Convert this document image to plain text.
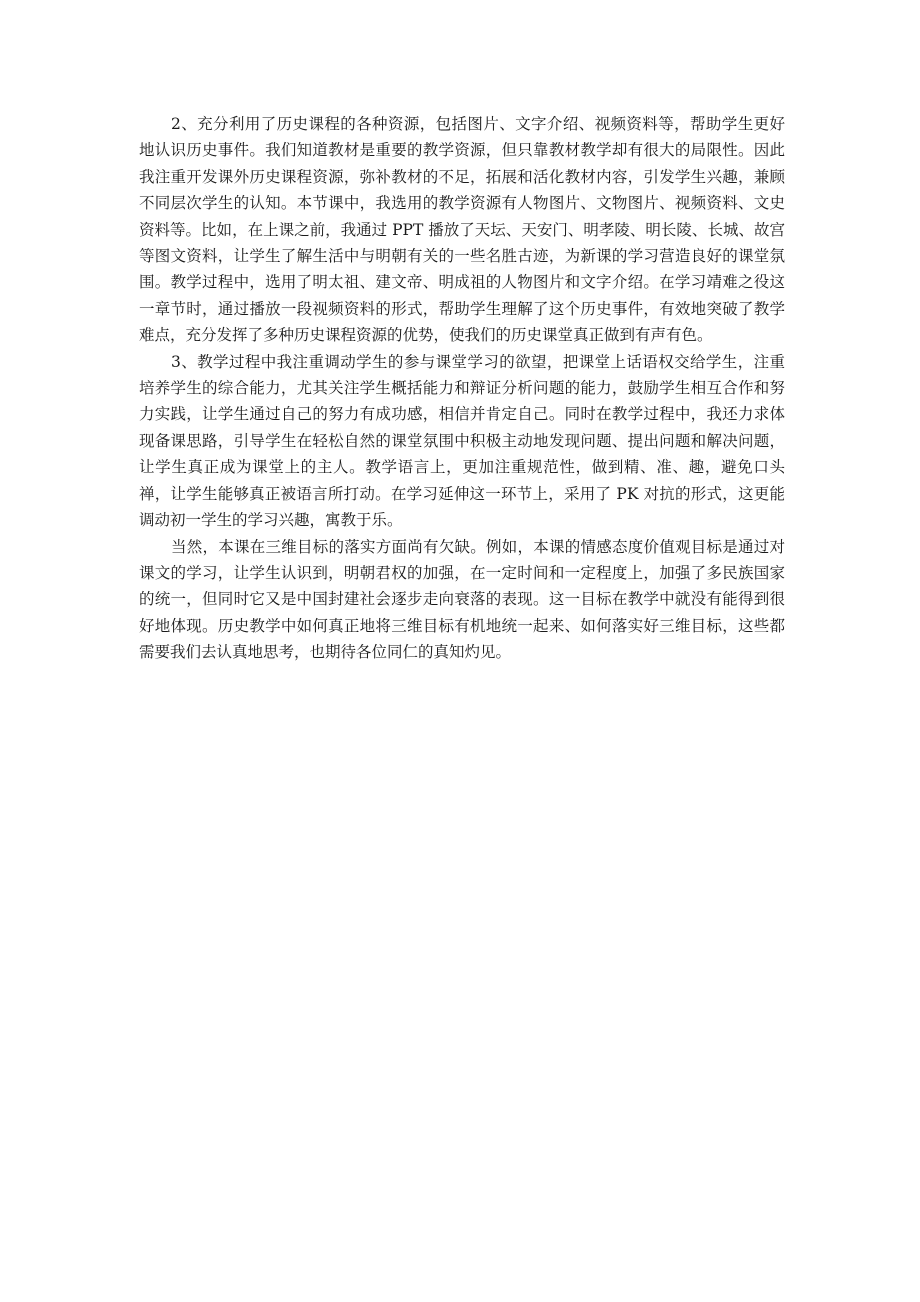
2、充分利用了历史课程的各种资源，包括图片、文字介绍、视频资料等，帮助学生更好地认识历史事件。我们知道教材是重要的教学资源，但只靠教材教学却有很大的局限性。因此我注重开发课外历史课程资源，弥补教材的不足，拓展和活化教材内容，引发学生兴趣，兼顾不同层次学生的认知。本节课中，我选用的教学资源有人物图片、文物图片、视频资料、文史资料等。比如，在上课之前，我通过 PPT 播放了天坛、天安门、明孝陵、明长陵、长城、故宫等图文资料，让学生了解生活中与明朝有关的一些名胜古迹，为新课的学习营造良好的课堂氛围。教学过程中，选用了明太祖、建文帝、明成祖的人物图片和文字介绍。在学习靖难之役这一章节时，通过播放一段视频资料的形式，帮助学生理解了这个历史事件，有效地突破了教学难点，充分发挥了多种历史课程资源的优势，使我们的历史课堂真正做到有声有色。

3、教学过程中我注重调动学生的参与课堂学习的欲望，把课堂上话语权交给学生，注重培养学生的综合能力，尤其关注学生概括能力和辩证分析问题的能力，鼓励学生相互合作和努力实践，让学生通过自己的努力有成功感，相信并肯定自己。同时在教学过程中，我还力求体现备课思路，引导学生在轻松自然的课堂氛围中积极主动地发现问题、提出问题和解决问题，让学生真正成为课堂上的主人。教学语言上，更加注重规范性，做到精、准、趣，避免口头禅，让学生能够真正被语言所打动。在学习延伸这一环节上，采用了 PK 对抗的形式，这更能调动初一学生的学习兴趣，寓教于乐。

当然，本课在三维目标的落实方面尚有欠缺。例如，本课的情感态度价值观目标是通过对课文的学习，让学生认识到，明朝君权的加强，在一定时间和一定程度上，加强了多民族国家的统一，但同时它又是中国封建社会逐步走向衰落的表现。这一目标在教学中就没有能得到很好地体现。历史教学中如何真正地将三维目标有机地统一起来、如何落实好三维目标，这些都需要我们去认真地思考，也期待各位同仁的真知灼见。
